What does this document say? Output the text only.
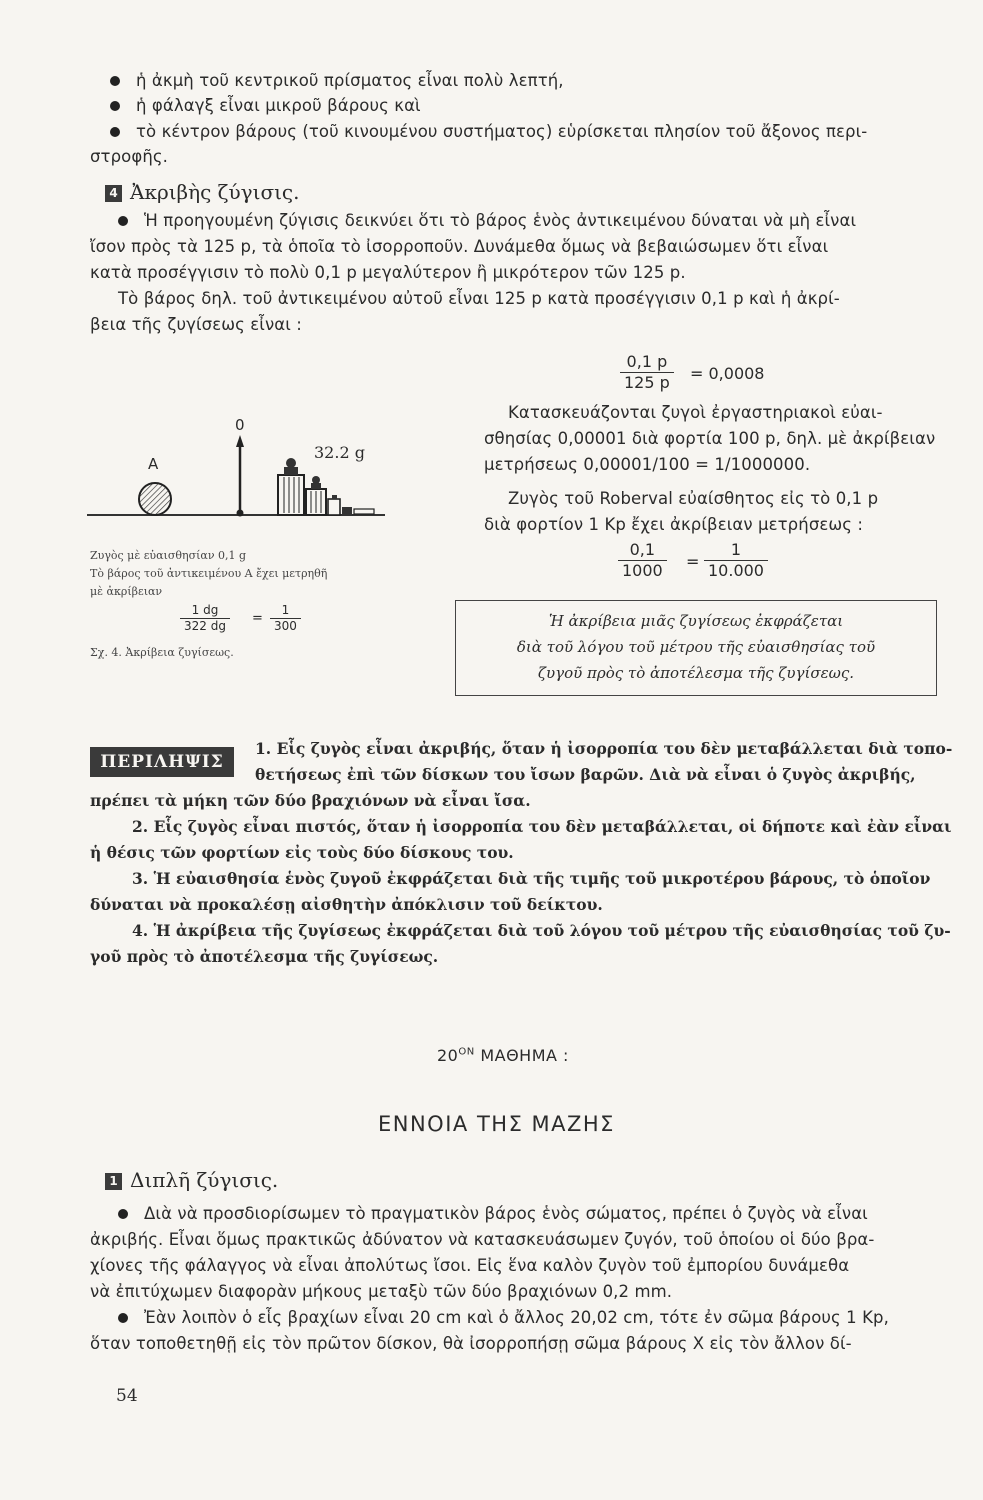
ἡ ἀκμὴ τοῦ κεντρικοῦ πρίσματος εἶναι πολὺ λεπτή,
ἡ φάλαγξ εἶναι μικροῦ βάρους καὶ
τὸ κέντρον βάρους (τοῦ κινουμένου συστήματος) εὑρίσκεται πλησίον τοῦ ἄξονος περι-
στροφῆς.
4 Ἀκριβὴς ζύγισις.
Ἡ προηγουμένη ζύγισις δεικνύει ὅτι τὸ βάρος ἑνὸς ἀντικειμένου δύναται νὰ μὴ εἶναι
ἴσον πρὸς τὰ 125 p, τὰ ὁποῖα τὸ ἰσορροποῦν. Δυνάμεθα ὅμως νὰ βεβαιώσωμεν ὅτι εἶναι
κατὰ προσέγγισιν τὸ πολὺ 0,1 p μεγαλύτερον ἢ μικρότερον τῶν 125 p.
Τὸ βάρος δηλ. τοῦ ἀντικειμένου αὐτοῦ εἶναι 125 p κατὰ προσέγγισιν 0,1 p καὶ ἡ ἀκρί-
βεια τῆς ζυγίσεως εἶναι :
$\frac{0,1 p}{125 p} = 0,0008$
Κατασκευάζονται ζυγοὶ ἐργαστηριακοὶ εὐαι-
σθησίας 0,00001 διὰ φορτία 100 p, δηλ. μὲ ἀκρίβειαν
μετρήσεως 0,00001/100 = 1/1000000.
Ζυγὸς τοῦ Roberval εὐαίσθητος εἰς τὸ 0,1 p
διὰ φορτίον 1 Kp ἔχει ἀκρίβειαν μετρήσεως :
$\frac{0,1}{1000} = \frac{1}{10.000}$
Ἡ ἀκρίβεια μιᾶς ζυγίσεως ἐκφράζεται
διὰ τοῦ λόγου τοῦ μέτρου τῆς εὐαισθησίας τοῦ
ζυγοῦ πρὸς τὸ ἀποτέλεσμα τῆς ζυγίσεως.
0
A
32.2 g
Ζυγὸς μὲ εὐαισθησίαν 0,1 g
Τὸ βάρος τοῦ ἀντικειμένου Α ἔχει μετρηθῆ
μὲ ἀκρίβειαν
$\frac{1 dg}{322 dg} = \frac{1}{300}$
Σχ. 4. Ἀκρίβεια ζυγίσεως.
ΠΕΡΙΛΗΨΙΣ
1. Εἷς ζυγὸς εἶναι ἀκριβής, ὅταν ἡ ἰσορροπία του δὲν μεταβάλλεται διὰ τοπο-
θετήσεως ἐπὶ τῶν δίσκων του ἴσων βαρῶν. Διὰ νὰ εἶναι ὁ ζυγὸς ἀκριβής,
πρέπει τὰ μήκη τῶν δύο βραχιόνων νὰ εἶναι ἴσα.
2. Εἷς ζυγὸς εἶναι πιστός, ὅταν ἡ ἰσορροπία του δὲν μεταβάλλεται, οἱ δήποτε καὶ ἐὰν εἶναι
ἡ θέσις τῶν φορτίων εἰς τοὺς δύο δίσκους του.
3. Ἡ εὐαισθησία ἑνὸς ζυγοῦ ἐκφράζεται διὰ τῆς τιμῆς τοῦ μικροτέρου βάρους, τὸ ὁποῖον
δύναται νὰ προκαλέσῃ αἰσθητὴν ἀπόκλισιν τοῦ δείκτου.
4. Ἡ ἀκρίβεια τῆς ζυγίσεως ἐκφράζεται διὰ τοῦ λόγου τοῦ μέτρου τῆς εὐαισθησίας τοῦ ζυ-
γοῦ πρὸς τὸ ἀποτέλεσμα τῆς ζυγίσεως.
$20^{ON}$ ΜΑΘΗΜΑ :
ΕΝΝΟΙΑ ΤΗΣ ΜΑΖΗΣ
1 Διπλῆ ζύγισις.
Διὰ νὰ προσδιορίσωμεν τὸ πραγματικὸν βάρος ἑνὸς σώματος, πρέπει ὁ ζυγὸς νὰ εἶναι
ἀκριβής. Εἶναι ὅμως πρακτικῶς ἀδύνατον νὰ κατασκευάσωμεν ζυγόν, τοῦ ὁποίου οἱ δύο βρα-
χίονες τῆς φάλαγγος νὰ εἶναι ἀπολύτως ἴσοι. Εἰς ἕνα καλὸν ζυγὸν τοῦ ἐμπορίου δυνάμεθα
νὰ ἐπιτύχωμεν διαφορὰν μήκους μεταξὺ τῶν δύο βραχιόνων 0,2 mm.
Ἐὰν λοιπὸν ὁ εἷς βραχίων εἶναι 20 cm καὶ ὁ ἄλλος 20,02 cm, τότε ἐν σῶμα βάρους 1 Kp,
ὅταν τοποθετηθῇ εἰς τὸν πρῶτον δίσκον, θὰ ἰσορροπήσῃ σῶμα βάρους Χ εἰς τὸν ἄλλον δί-
54
